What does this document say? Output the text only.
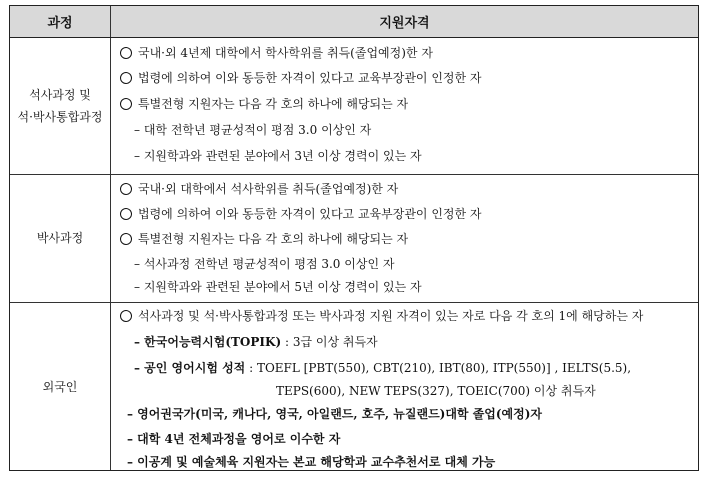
과정	지원자격
석사과정 및
석·박사통합과정
국내·외 4년제 대학에서 학사학위를 취득(졸업예정)한 자
법령에 의하여 이와 동등한 자격이 있다고 교육부장관이 인정한 자
특별전형 지원자는 다음 각 호의 하나에 해당되는 자
– 대학 전학년 평균성적이 평점 3.0 이상인 자
– 지원학과와 관련된 분야에서 3년 이상 경력이 있는 자
박사과정
국내·외 대학에서 석사학위를 취득(졸업예정)한 자
법령에 의하여 이와 동등한 자격이 있다고 교육부장관이 인정한 자
특별전형 지원자는 다음 각 호의 하나에 해당되는 자
– 석사과정 전학년 평균성적이 평점 3.0 이상인 자
– 지원학과와 관련된 분야에서 5년 이상 경력이 있는 자
외국인
석사과정 및 석·박사통합과정 또는 박사과정 지원 자격이 있는 자로 다음 각 호의 1에 해당하는 자
– 한국어능력시험(TOPIK) : 3급 이상 취득자
– 공인 영어시험 성적 : TOEFL [PBT(550), CBT(210), IBT(80), ITP(550)] , IELTS(5.5),
TEPS(600), NEW TEPS(327), TOEIC(700) 이상 취득자
– 영어권국가(미국, 캐나다, 영국, 아일랜드, 호주, 뉴질랜드)대학 졸업(예정)자
– 대학 4년 전체과정을 영어로 이수한 자
– 이공계 및 예술체육 지원자는 본교 해당학과 교수추천서로 대체 가능
